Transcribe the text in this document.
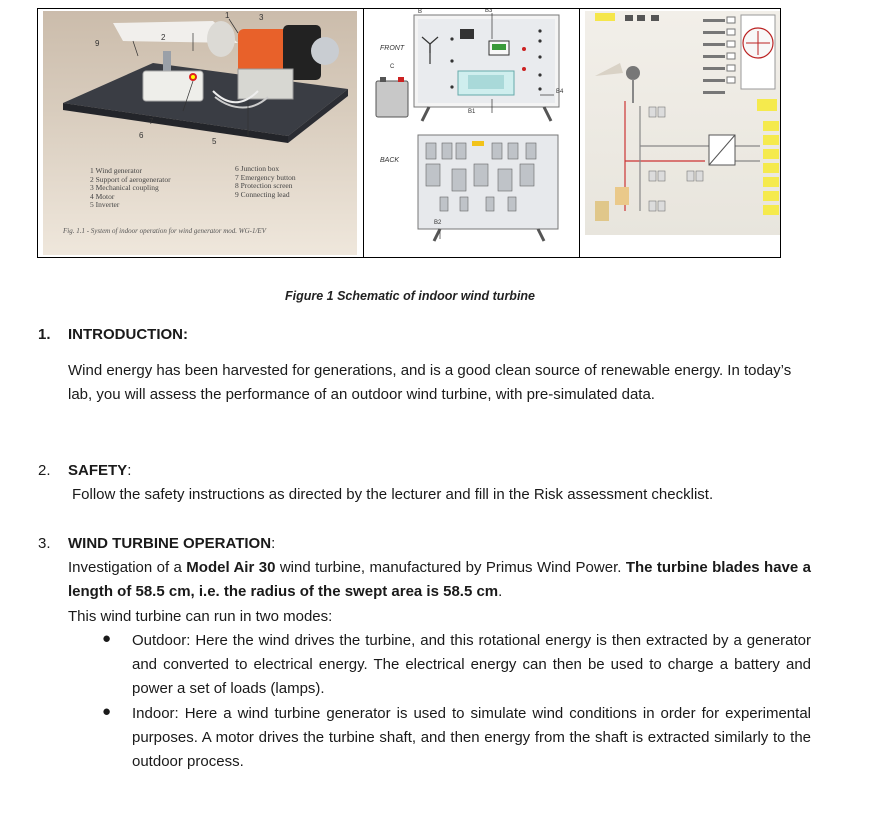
1
2
3
9
6
7
5
1 Wind generator
2 Support of aerogenerator
3 Mechanical coupling
4 Motor
5 Inverter
6 Junction box
7 Emergency button
8 Protection screen
9 Connecting lead
Fig. 1.1 - System of indoor operation for wind generator mod. WG-1/EV
FRONT
BACK
B	B3
C
B1
B4
B2
Figure 1 Schematic of indoor wind turbine
1. INTRODUCTION:
Wind energy has been harvested for generations, and is a good clean source of renewable energy. In today’s lab, you will assess the performance of an outdoor wind turbine, with pre-simulated data.
2. SAFETY:
Follow the safety instructions as directed by the lecturer and fill in the Risk assessment checklist.
3. WIND TURBINE OPERATION:
Investigation of a Model Air 30 wind turbine, manufactured by Primus Wind Power. The turbine blades have a length of 58.5 cm, i.e. the radius of the swept area is 58.5 cm.
This wind turbine can run in two modes:
● Outdoor: Here the wind drives the turbine, and this rotational energy is then extracted by a generator and converted to electrical energy. The electrical energy can then be used to charge a battery and power a set of loads (lamps).
● Indoor: Here a wind turbine generator is used to simulate wind conditions in order for experimental purposes. A motor drives the turbine shaft, and then energy from the shaft is extracted similarly to the outdoor process.
